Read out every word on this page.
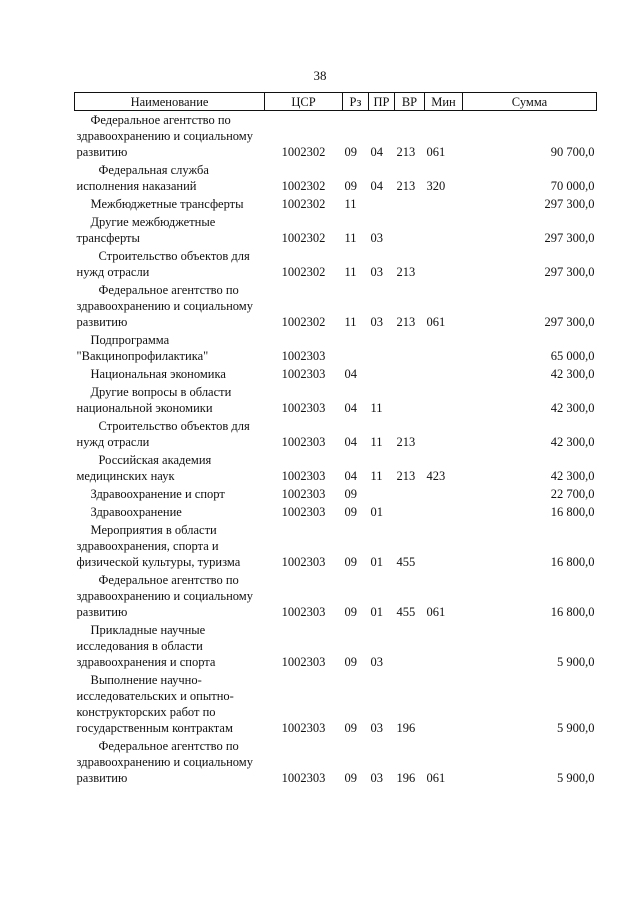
38
Наименование	ЦСР	Рз	ПР	ВР	Мин	Сумма
Федеральное агентство по здравоохранению и социальному развитию	1002302	09	04	213	061	90 700,0
Федеральная служба исполнения наказаний	1002302	09	04	213	320	70 000,0
Межбюджетные трансферты	1002302	11				297 300,0
Другие межбюджетные трансферты	1002302	11	03			297 300,0
Строительство объектов для нужд отрасли	1002302	11	03	213		297 300,0
Федеральное агентство по здравоохранению и социальному развитию	1002302	11	03	213	061	297 300,0
Подпрограмма "Вакцинопрофилактика"	1002303					65 000,0
Национальная экономика	1002303	04				42 300,0
Другие вопросы в области национальной экономики	1002303	04	11			42 300,0
Строительство объектов для нужд отрасли	1002303	04	11	213		42 300,0
Российская академия медицинских наук	1002303	04	11	213	423	42 300,0
Здравоохранение и спорт	1002303	09				22 700,0
Здравоохранение	1002303	09	01			16 800,0
Мероприятия в области здравоохранения, спорта и физической культуры, туризма	1002303	09	01	455		16 800,0
Федеральное агентство по здравоохранению и социальному развитию	1002303	09	01	455	061	16 800,0
Прикладные научные исследования в области здравоохранения и спорта	1002303	09	03			5 900,0
Выполнение научно-исследовательских и опытно-конструкторских работ по государственным контрактам	1002303	09	03	196		5 900,0
Федеральное агентство по здравоохранению и социальному развитию	1002303	09	03	196	061	5 900,0
